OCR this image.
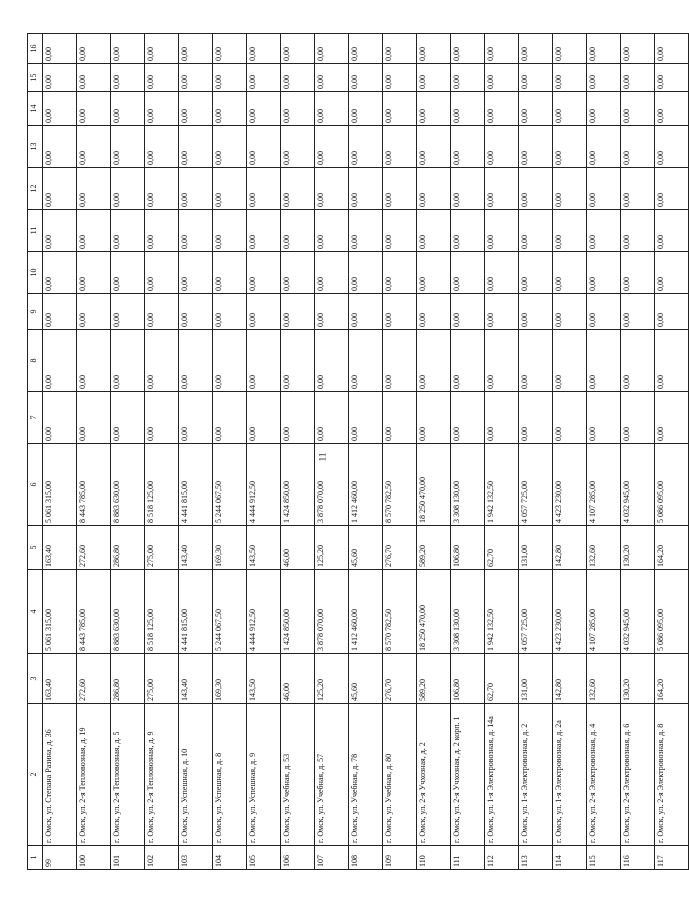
11
1	2	3	4	5	6	7	8	9	10	11	12	13	14	15	16
99	г. Омск, ул. Степана Разина, д. 36	163,40	5 061 315,00	163,40	5 061 315,00	0,00	0,00	0,00	0,00	0,00	0,00	0,00	0,00	0,00	0,00
100	г. Омск, ул. 2-я Тепловозная, д. 19	272,60	8 443 785,00	272,60	8 443 785,00	0,00	0,00	0,00	0,00	0,00	0,00	0,00	0,00	0,00	0,00
101	г. Омск, ул. 2-я Тепловозная, д. 5	286,80	8 883 630,00	286,80	8 883 630,00	0,00	0,00	0,00	0,00	0,00	0,00	0,00	0,00	0,00	0,00
102	г. Омск, ул. 2-я Тепловозная, д. 9	275,00	8 518 125,00	275,00	8 518 125,00	0,00	0,00	0,00	0,00	0,00	0,00	0,00	0,00	0,00	0,00
103	г. Омск, ул. Успешная, д. 10	143,40	4 441 815,00	143,40	4 441 815,00	0,00	0,00	0,00	0,00	0,00	0,00	0,00	0,00	0,00	0,00
104	г. Омск, ул. Успешная, д. 8	169,30	5 244 067,50	169,30	5 244 067,50	0,00	0,00	0,00	0,00	0,00	0,00	0,00	0,00	0,00	0,00
105	г. Омск, ул. Успешная, д. 9	143,50	4 444 912,50	143,50	4 444 912,50	0,00	0,00	0,00	0,00	0,00	0,00	0,00	0,00	0,00	0,00
106	г. Омск, ул. Учебная, д. 53	46,00	1 424 850,00	46,00	1 424 850,00	0,00	0,00	0,00	0,00	0,00	0,00	0,00	0,00	0,00	0,00
107	г. Омск, ул. Учебная, д. 57	125,20	3 878 070,00	125,20	3 878 070,00	0,00	0,00	0,00	0,00	0,00	0,00	0,00	0,00	0,00	0,00
108	г. Омск, ул. Учебная, д. 78	45,60	1 412 460,00	45,60	1 412 460,00	0,00	0,00	0,00	0,00	0,00	0,00	0,00	0,00	0,00	0,00
109	г. Омск, ул. Учебная, д. 80	276,70	8 570 782,50	276,70	8 570 782,50	0,00	0,00	0,00	0,00	0,00	0,00	0,00	0,00	0,00	0,00
110	г. Омск, ул. 2-я Учхозная, д. 2	589,20	18 250 470,00	589,20	18 250 470,00	0,00	0,00	0,00	0,00	0,00	0,00	0,00	0,00	0,00	0,00
111	г. Омск, ул. 2-я Учхозная, д. 2 корп. 1	106,80	3 308 130,00	106,80	3 308 130,00	0,00	0,00	0,00	0,00	0,00	0,00	0,00	0,00	0,00	0,00
112	г. Омск, ул. 1-я Электровозная, д. 14а	62,70	1 942 132,50	62,70	1 942 132,50	0,00	0,00	0,00	0,00	0,00	0,00	0,00	0,00	0,00	0,00
113	г. Омск, ул. 1-я Электровозная, д. 2	131,00	4 057 725,00	131,00	4 057 725,00	0,00	0,00	0,00	0,00	0,00	0,00	0,00	0,00	0,00	0,00
114	г. Омск, ул. 1-я Электровозная, д. 2а	142,80	4 423 230,00	142,80	4 423 230,00	0,00	0,00	0,00	0,00	0,00	0,00	0,00	0,00	0,00	0,00
115	г. Омск, ул. 2-я Электровозная, д. 4	132,60	4 107 285,00	132,60	4 107 285,00	0,00	0,00	0,00	0,00	0,00	0,00	0,00	0,00	0,00	0,00
116	г. Омск, ул. 2-я Электровозная, д. 6	130,20	4 032 945,00	130,20	4 032 945,00	0,00	0,00	0,00	0,00	0,00	0,00	0,00	0,00	0,00	0,00
117	г. Омск, ул. 2-я Электровозная, д. 8	164,20	5 086 095,00	164,20	5 086 095,00	0,00	0,00	0,00	0,00	0,00	0,00	0,00	0,00	0,00	0,00
